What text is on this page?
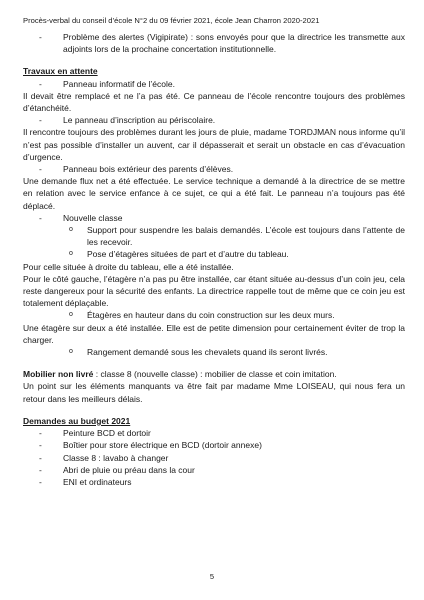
Procès-verbal du conseil d’école N°2 du 09 février 2021, école Jean Charron 2020-2021

- Problème des alertes (Vigipirate) : sons envoyés pour que la directrice les transmette aux adjoints lors de la prochaine concertation institutionnelle.

Travaux en attente

- Panneau informatif de l’école.

Il devait être remplacé et ne l’a pas été. Ce panneau de l’école rencontre toujours des problèmes d’étanchéité.

- Le panneau d’inscription au périscolaire.

Il rencontre toujours des problèmes durant les jours de pluie, madame TORDJMAN nous informe qu’il n’est pas possible d’installer un auvent, car il dépasserait et serait un obstacle en cas d’évacuation d’urgence.

- Panneau bois extérieur des parents d’élèves.

Une demande flux net a été effectuée. Le service technique a demandé à la directrice de se mettre en relation avec le service enfance à ce sujet, ce qui a été fait. Le panneau n’a toujours pas été déplacé.

- Nouvelle classe

o Support pour suspendre les balais demandés. L’école est toujours dans l’attente de les recevoir.

o Pose d’étagères situées de part et d’autre du tableau.

Pour celle située à droite du tableau, elle a été installée.

Pour le côté gauche, l’étagère n’a pas pu être installée, car étant située au-dessus d’un coin jeu, cela reste dangereux pour la sécurité des enfants. La directrice rappelle tout de même que ce coin jeu est totalement déplaçable.

o Étagères en hauteur dans du coin construction sur les deux murs.

Une étagère sur deux a été installée. Elle est de petite dimension pour certainement éviter de trop la charger.

o Rangement demandé sous les chevalets quand ils seront livrés.

Mobilier non livré : classe 8 (nouvelle classe) : mobilier de classe et coin imitation.

Un point sur les éléments manquants va être fait par madame Mme LOISEAU, qui nous fera un retour dans les meilleurs délais.

Demandes au budget 2021

- Peinture BCD et dortoir

- Boîtier pour store électrique en BCD (dortoir annexe)

- Classe 8 : lavabo à changer

- Abri de pluie ou préau dans la cour

- ENI et ordinateurs

5
